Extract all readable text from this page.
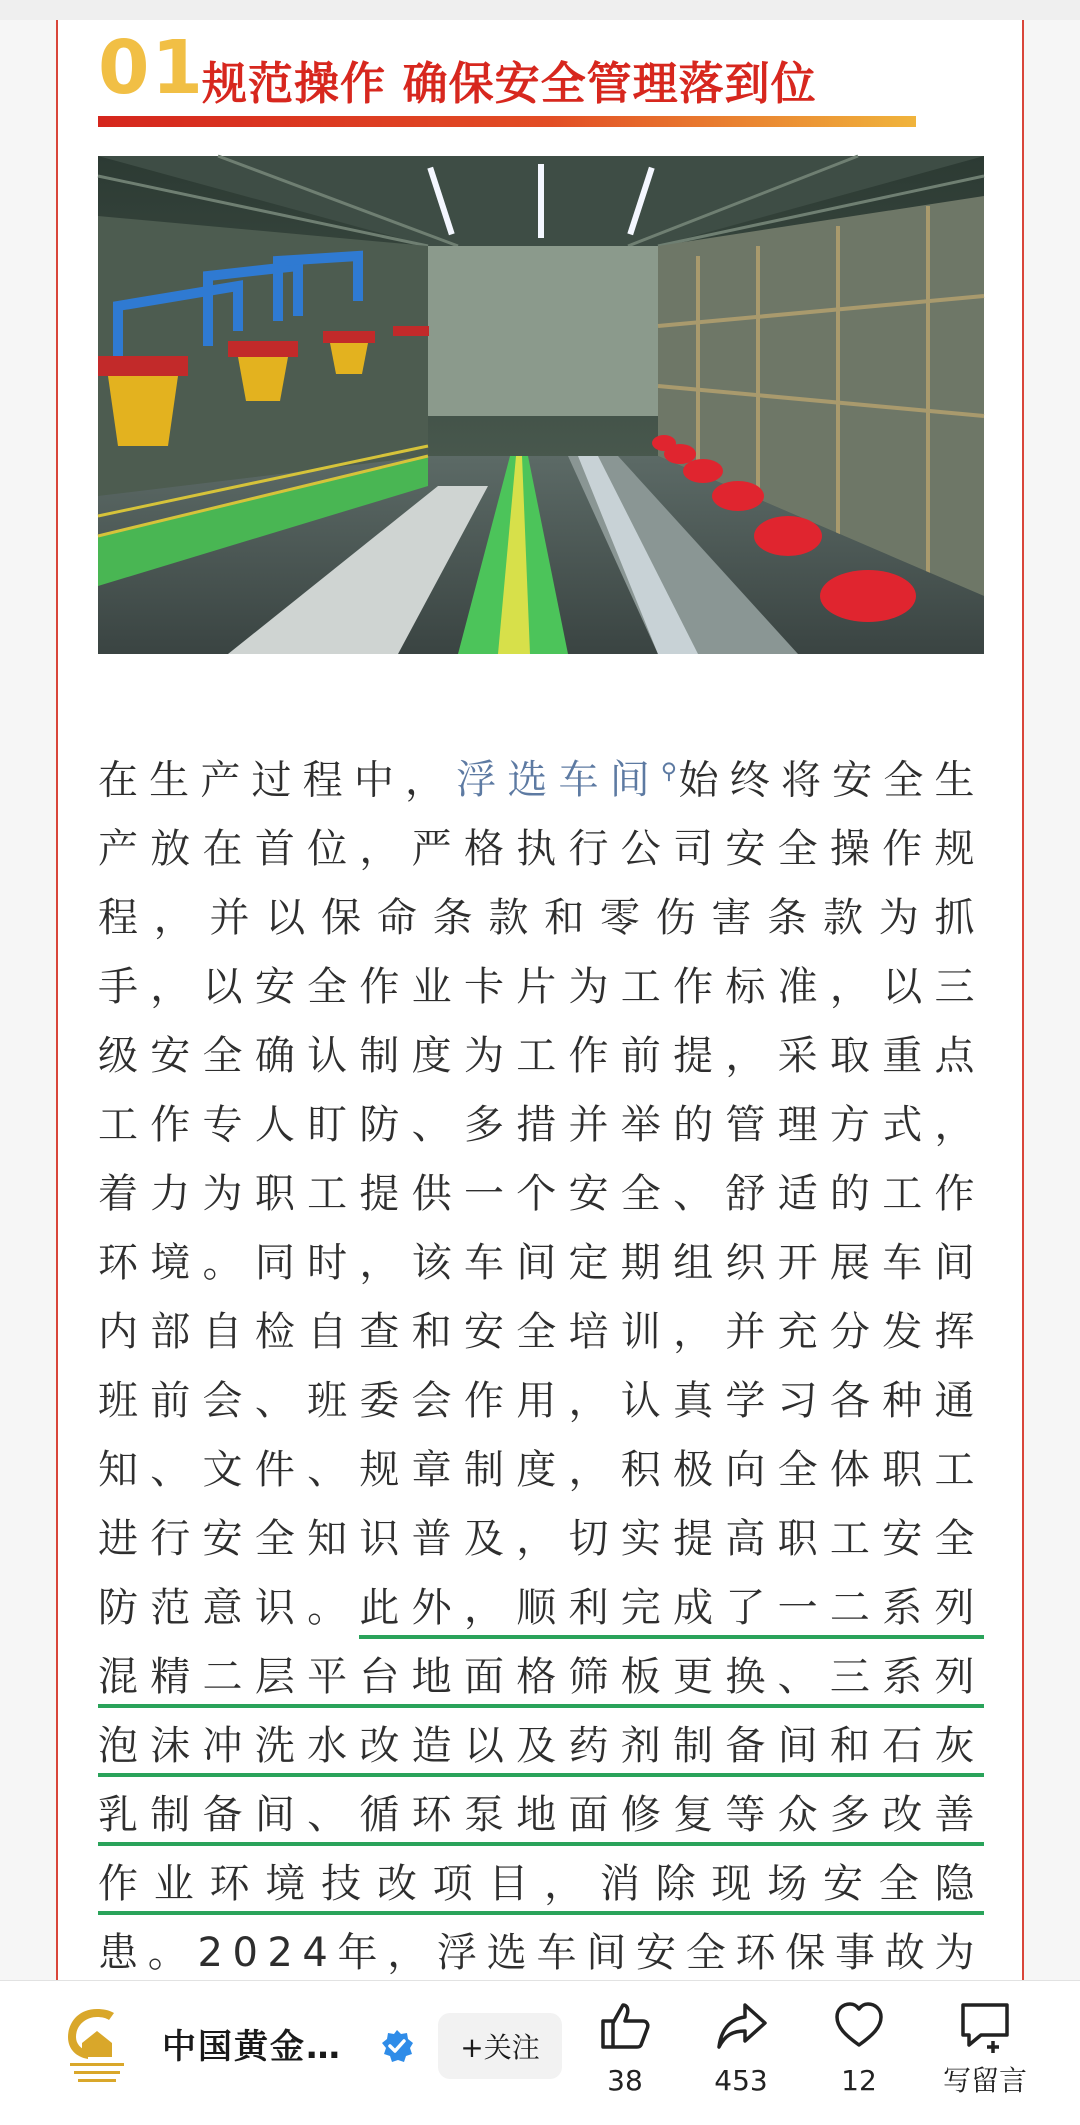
01
规范操作 确保安全管理落到位

在生产过程中，浮选车间⚲始终将安全生产放在首位，严格执行公司安全操作规程，并以保命条款和零伤害条款为抓手，以安全作业卡片为工作标准，以三级安全确认制度为工作前提，采取重点工作专人盯防、多措并举的管理方式，着力为职工提供一个安全、舒适的工作环境。同时，该车间定期组织开展车间内部自检自查和安全培训，并充分发挥班前会、班委会作用，认真学习各种通知、文件、规章制度，积极向全体职工进行安全知识普及，切实提高职工安全防范意识。此外，顺利完成了一二系列混精二层平台地面格筛板更换、三系列泡沫冲洗水改造以及药剂制备间和石灰乳制备间、循环泵地面修复等众多改善作业环境技改项目，消除现场安全隐患。2024年，浮选车间安全环保事故为

中国黄金…	+关注
38	453	12	写留言
